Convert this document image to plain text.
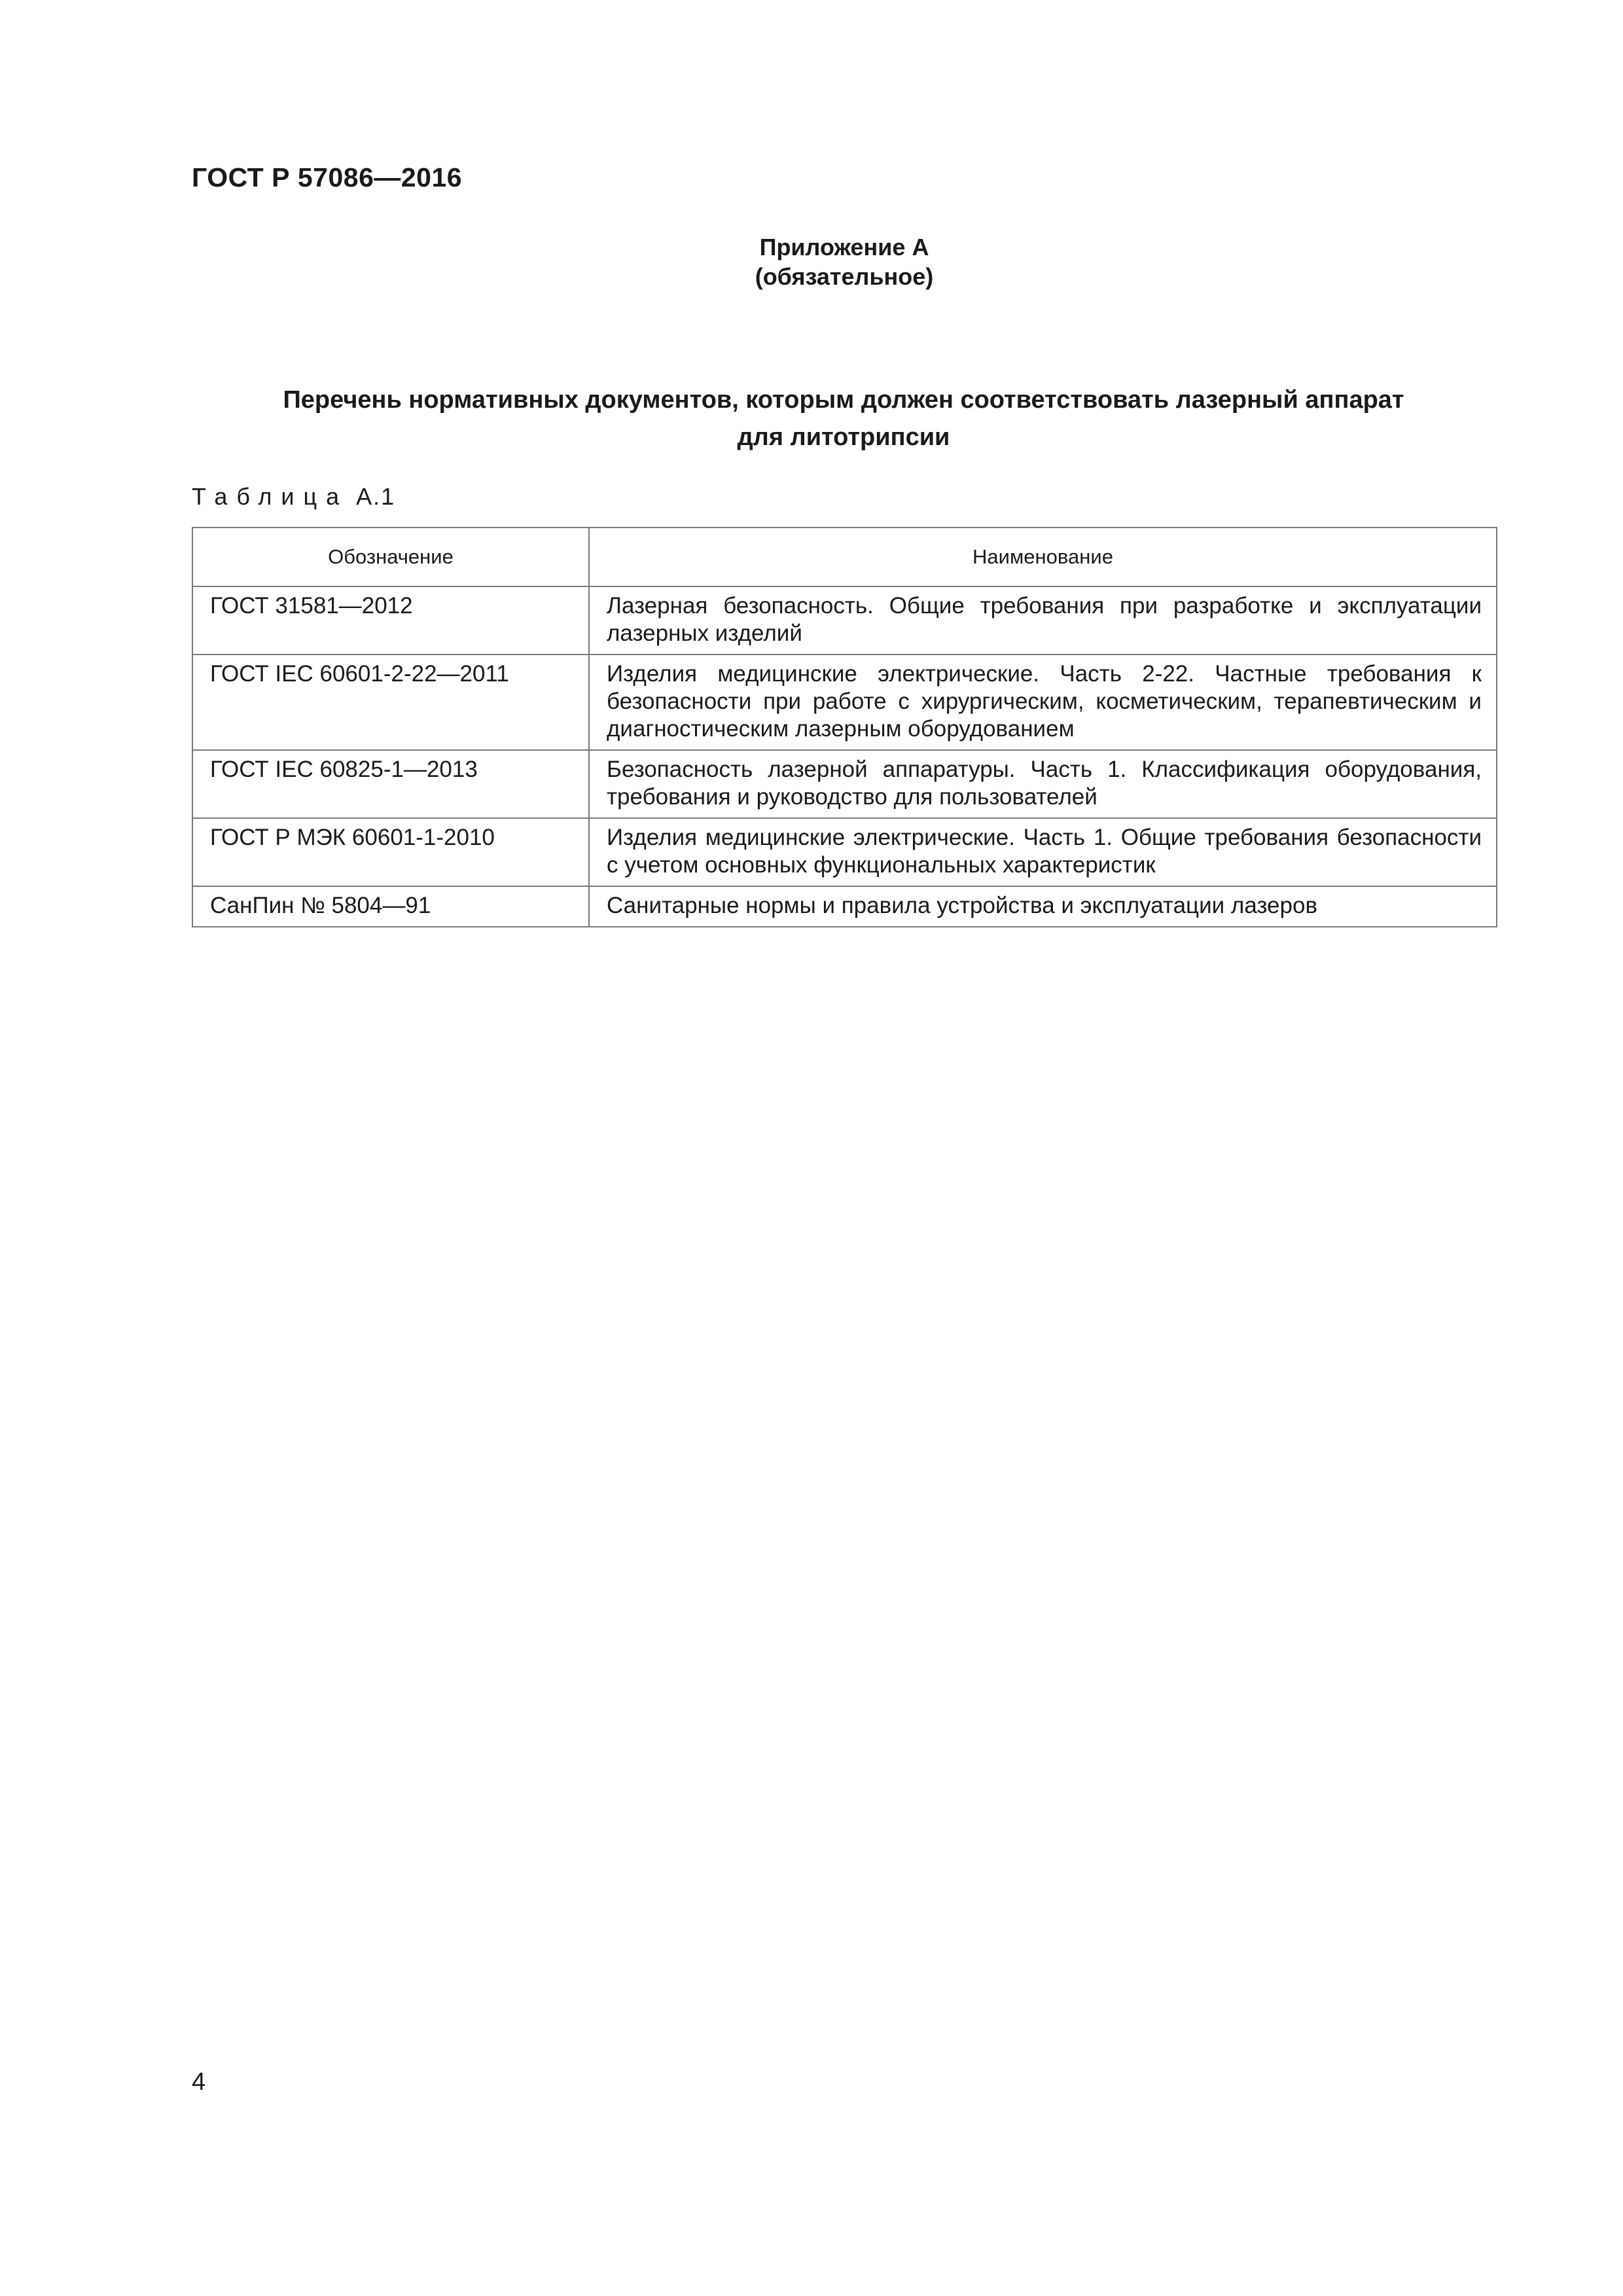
ГОСТ Р 57086—2016
Приложение А
(обязательное)
Перечень нормативных документов, которым должен соответствовать лазерный аппарат
для литотрипсии
Таблица А.1
Обозначение	Наименование
ГОСТ 31581—2012	Лазерная безопасность. Общие требования при разработке и эксплуатации лазерных изделий
ГОСТ IEC 60601-2-22—2011	Изделия медицинские электрические. Часть 2-22. Частные требования к безопасности при работе с хирургическим, косметическим, терапевтическим и диагностическим лазерным оборудованием
ГОСТ IEC 60825-1—2013	Безопасность лазерной аппаратуры. Часть 1. Классификация оборудования, требования и руководство для пользователей
ГОСТ Р МЭК 60601-1-2010	Изделия медицинские электрические. Часть 1. Общие требования безопасности с учетом основных функциональных характеристик
СанПин № 5804—91	Санитарные нормы и правила устройства и эксплуатации лазеров
4
